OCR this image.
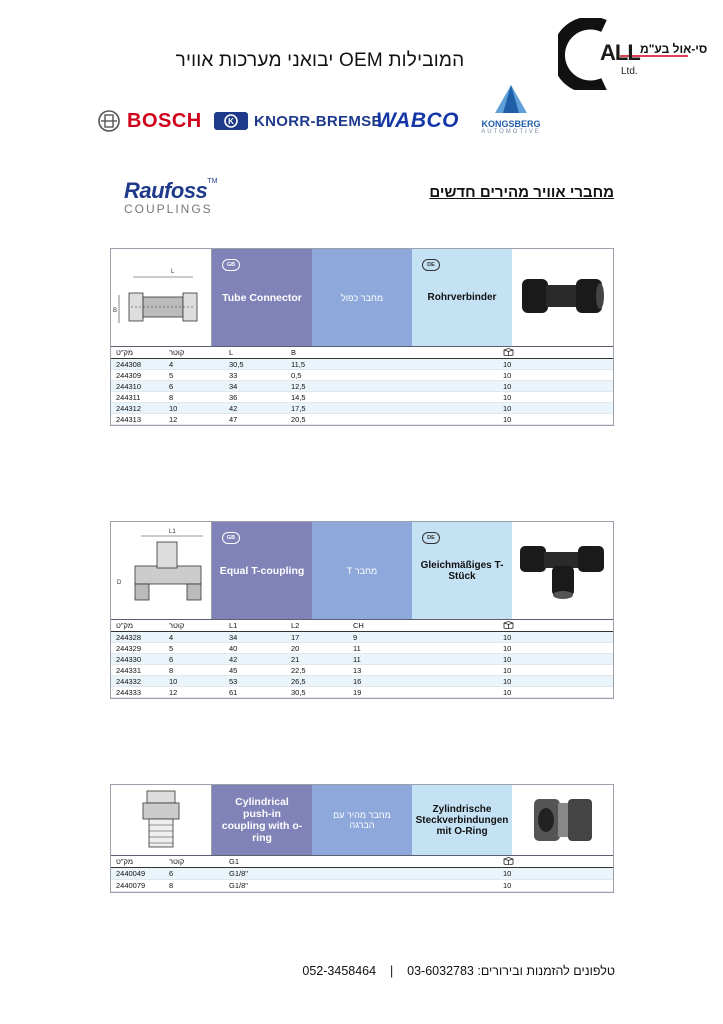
יבואני מערכות אוויר OEM המובילות	ALL סי-אול בע"מ
Ltd.
BOSCH	K KNORR-BREMSE
WABCO	KONGSBERG
AUTOMOTIVE
Raufoss™
COUPLINGS
מחברי אוויר מהירים חדשים
L
B
GB
Tube Connector	מחבר כפול
DE
Rohrverbinder
מק"ט	קוטר	L	B
244308	4	30,5	11,5	10
244309	5	33	0,5	10
244310	6	34	12,5	10
244311	8	36	14,5	10
244312	10	42	17,5	10
244313	12	47	20,5	10
L1
D
GB
Equal T-coupling	מחבר T
DE
Gleichmäßiges T-Stück
מק"ט	קוטר	L1	L2	CH
244328	4	34	17	9	10
244329	5	40	20	11	10
244330	6	42	21	11	10
244331	8	45	22,5	13	10
244332	10	53	26,5	16	10
244333	12	61	30,5	19	10
Cylindrical push-in coupling with o-ring
מחבר מהיר עם הברגה
Zylindrische Steckverbindungen mit O-Ring
מק"ט	קוטר	G1
2440049	6	G1/8"	10
2440079	8	G1/8"	10
טלפונים להזמנות ובירורים: 03-6032783    |    052-3458464
